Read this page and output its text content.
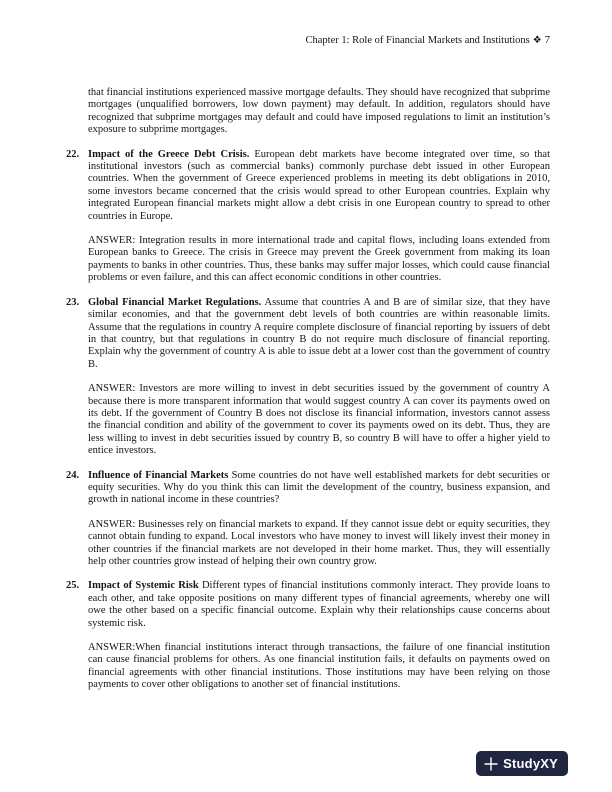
Chapter 1: Role of Financial Markets and Institutions ❖ 7

that financial institutions experienced massive mortgage defaults. They should have recognized that subprime mortgages (unqualified borrowers, low down payment) may default. In addition, regulators should have recognized that subprime mortgages may default and could have imposed regulations to limit an institution’s exposure to subprime mortgages.

22. Impact of the Greece Debt Crisis. European debt markets have become integrated over time, so that institutional investors (such as commercial banks) commonly purchase debt issued in other European countries. When the government of Greece experienced problems in meeting its debt obligations in 2010, some investors became concerned that the crisis would spread to other European countries. Explain why integrated European financial markets might allow a debt crisis in one European country to spread to other countries in Europe.

ANSWER: Integration results in more international trade and capital flows, including loans extended from European banks to Greece. The crisis in Greece may prevent the Greek government from making its loan payments to banks in other countries. Thus, these banks may suffer major losses, which could cause financial problems or even failure, and this can affect economic conditions in other countries.

23. Global Financial Market Regulations. Assume that countries A and B are of similar size, that they have similar economies, and that the government debt levels of both countries are within reasonable limits. Assume that the regulations in country A require complete disclosure of financial reporting by issuers of debt in that country, but that regulations in country B do not require much disclosure of financial reporting. Explain why the government of country A is able to issue debt at a lower cost than the government of country B.

ANSWER: Investors are more willing to invest in debt securities issued by the government of country A because there is more transparent information that would suggest country A can cover its payments owed on its debt. If the government of Country B does not disclose its financial information, investors cannot assess the financial condition and ability of the government to cover its payments owed on its debt. Thus, they are less willing to invest in debt securities issued by country B, so country B will have to offer a higher yield to entice investors.

24. Influence of Financial Markets Some countries do not have well established markets for debt securities or equity securities. Why do you think this can limit the development of the country, business expansion, and growth in national income in these countries?

ANSWER: Businesses rely on financial markets to expand. If they cannot issue debt or equity securities, they cannot obtain funding to expand. Local investors who have money to invest will likely invest their money in other countries if the financial markets are not developed in their home market. Thus, they will essentially help other countries grow instead of helping their own country grow.

25. Impact of Systemic Risk Different types of financial institutions commonly interact. They provide loans to each other, and take opposite positions on many different types of financial agreements, whereby one will owe the other based on a specific financial outcome. Explain why their relationships cause concerns about systemic risk.

ANSWER:When financial institutions interact through transactions, the failure of one financial institution can cause financial problems for others. As one financial institution fails, it defaults on payments owed on financial agreements with other financial institutions. Those institutions may have been relying on those payments to cover other obligations to another set of financial institutions.

StudyXY
